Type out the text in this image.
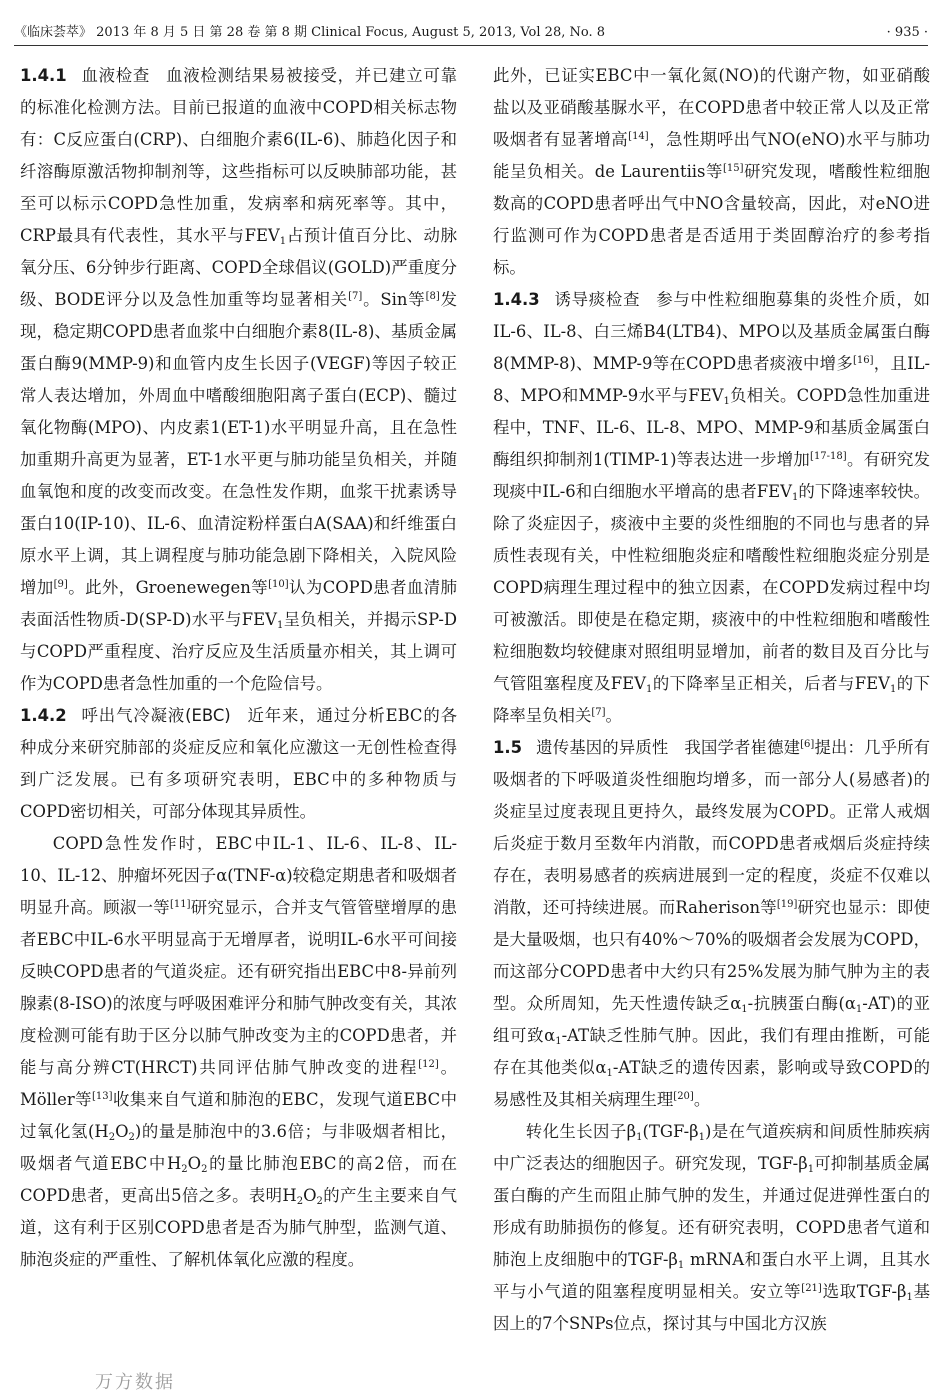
《临床荟萃》 2013 年 8 月 5 日 第 28 卷 第 8 期 Clinical Focus, August 5, 2013, Vol 28, No. 8	· 935 ·

1.4.1 血液检查 血液检测结果易被接受，并已建立可靠的标准化检测方法。目前已报道的血液中COPD相关标志物有：C反应蛋白(CRP)、白细胞介素6(IL-6)、肺趋化因子和纤溶酶原激活物抑制剂等，这些指标可以反映肺部功能，甚至可以标示COPD急性加重，发病率和病死率等。其中，CRP最具有代表性，其水平与$FEV_1$占预计值百分比、动脉氧分压、6分钟步行距离、COPD全球倡议(GOLD)严重度分级、BODE评分以及急性加重等均显著相关[7]。Sin等[8]发现，稳定期COPD患者血浆中白细胞介素8(IL-8)、基质金属蛋白酶9(MMP-9)和血管内皮生长因子(VEGF)等因子较正常人表达增加，外周血中嗜酸细胞阳离子蛋白(ECP)、髓过氧化物酶(MPO)、内皮素1(ET-1)水平明显升高，且在急性加重期升高更为显著，ET-1水平更与肺功能呈负相关，并随血氧饱和度的改变而改变。在急性发作期，血浆干扰素诱导蛋白10(IP-10)、IL-6、血清淀粉样蛋白A(SAA)和纤维蛋白原水平上调，其上调程度与肺功能急剧下降相关，入院风险增加[9]。此外，Groenewegen等[10]认为COPD患者血清肺表面活性物质-D(SP-D)水平与$FEV_1$呈负相关，并揭示SP-D与COPD严重程度、治疗反应及生活质量亦相关，其上调可作为COPD患者急性加重的一个危险信号。

1.4.2 呼出气冷凝液(EBC) 近年来，通过分析EBC的各种成分来研究肺部的炎症反应和氧化应激这一无创性检查得到广泛发展。已有多项研究表明，EBC中的多种物质与COPD密切相关，可部分体现其异质性。

COPD急性发作时，EBC中IL-1、IL-6、IL-8、IL-10、IL-12、肿瘤坏死因子α(TNF-α)较稳定期患者和吸烟者明显升高。顾淑一等[11]研究显示，合并支气管管壁增厚的患者EBC中IL-6水平明显高于无增厚者，说明IL-6水平可间接反映COPD患者的气道炎症。还有研究指出EBC中8-异前列腺素(8-ISO)的浓度与呼吸困难评分和肺气肿改变有关，其浓度检测可能有助于区分以肺气肿改变为主的COPD患者，并能与高分辨CT(HRCT)共同评估肺气肿改变的进程[12]。Möller等[13]收集来自气道和肺泡的EBC，发现气道EBC中过氧化氢$(H_2O_2)$的量是肺泡中的3.6倍；与非吸烟者相比，吸烟者气道EBC中$H_2O_2$的量比肺泡EBC的高2倍，而在COPD患者，更高出5倍之多。表明$H_2O_2$的产生主要来自气道，这有利于区别COPD患者是否为肺气肿型，监测气道、肺泡炎症的严重性、了解机体氧化应激的程度。

此外，已证实EBC中一氧化氮(NO)的代谢产物，如亚硝酸盐以及亚硝酸基脲水平，在COPD患者中较正常人以及正常吸烟者有显著增高[14]，急性期呼出气NO(eNO)水平与肺功能呈负相关。de Laurentiis等[15]研究发现，嗜酸性粒细胞数高的COPD患者呼出气中NO含量较高，因此，对eNO进行监测可作为COPD患者是否适用于类固醇治疗的参考指标。

1.4.3 诱导痰检查 参与中性粒细胞募集的炎性介质，如IL-6、IL-8、白三烯B4(LTB4)、MPO以及基质金属蛋白酶8(MMP-8)、MMP-9等在COPD患者痰液中增多[16]，且IL-8、MPO和MMP-9水平与$FEV_1$负相关。COPD急性加重进程中，TNF、IL-6、IL-8、MPO、MMP-9和基质金属蛋白酶组织抑制剂1(TIMP-1)等表达进一步增加[17-18]。有研究发现痰中IL-6和白细胞水平增高的患者$FEV_1$的下降速率较快。除了炎症因子，痰液中主要的炎性细胞的不同也与患者的异质性表现有关，中性粒细胞炎症和嗜酸性粒细胞炎症分别是COPD病理生理过程中的独立因素，在COPD发病过程中均可被激活。即使是在稳定期，痰液中的中性粒细胞和嗜酸性粒细胞数均较健康对照组明显增加，前者的数目及百分比与气管阻塞程度及$FEV_1$的下降率呈正相关，后者与$FEV_1$的下降率呈负相关[7]。

1.5 遗传基因的异质性 我国学者崔德建[6]提出：几乎所有吸烟者的下呼吸道炎性细胞均增多，而一部分人(易感者)的炎症呈过度表现且更持久，最终发展为COPD。正常人戒烟后炎症于数月至数年内消散，而COPD患者戒烟后炎症持续存在，表明易感者的疾病进展到一定的程度，炎症不仅难以消散，还可持续进展。而Raherison等[19]研究也显示：即使是大量吸烟，也只有40%～70%的吸烟者会发展为COPD，而这部分COPD患者中大约只有25%发展为肺气肿为主的表型。众所周知，先天性遗传缺乏$\alpha_1-$抗胰蛋白酶$(\alpha_1-AT)$的亚组可致$\alpha_1-AT$缺乏性肺气肿。因此，我们有理由推断，可能存在其他类似$\alpha_1-AT$缺乏的遗传因素，影响或导致COPD的易感性及其相关病理生理[20]。

转化生长因子$\beta_1(TGF-\beta_1)$是在气道疾病和间质性肺疾病中广泛表达的细胞因子。研究发现，TGF-$\beta_1$可抑制基质金属蛋白酶的产生而阻止肺气肿的发生，并通过促进弹性蛋白的形成有助肺损伤的修复。还有研究表明，COPD患者气道和肺泡上皮细胞中的TGF-$\beta_1$ mRNA和蛋白水平上调，且其水平与小气道的阻塞程度明显相关。安立等[21]选取TGF-$\beta_1$基因上的7个SNPs位点，探讨其与中国北方汉族

万方数据
